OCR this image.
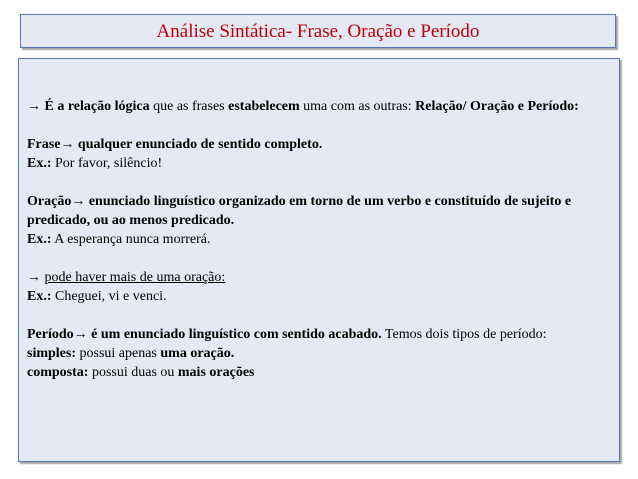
Análise Sintática- Frase, Oração e Período

→ É a relação lógica que as frases estabelecem uma com as outras: Relação/ Oração e Período:

Frase→ qualquer enunciado de sentido completo.

Ex.: Por favor, silêncio!

Oração→ enunciado linguístico organizado em torno de um verbo e constituído de sujeito e predicado, ou ao menos predicado.

Ex.: A esperança nunca morrerá.

→ pode haver mais de uma oração:

Ex.: Cheguei, vi e venci.

Período→ é um enunciado linguístico com sentido acabado. Temos dois tipos de período:

simples: possui apenas uma oração.

composta: possui duas ou mais orações
